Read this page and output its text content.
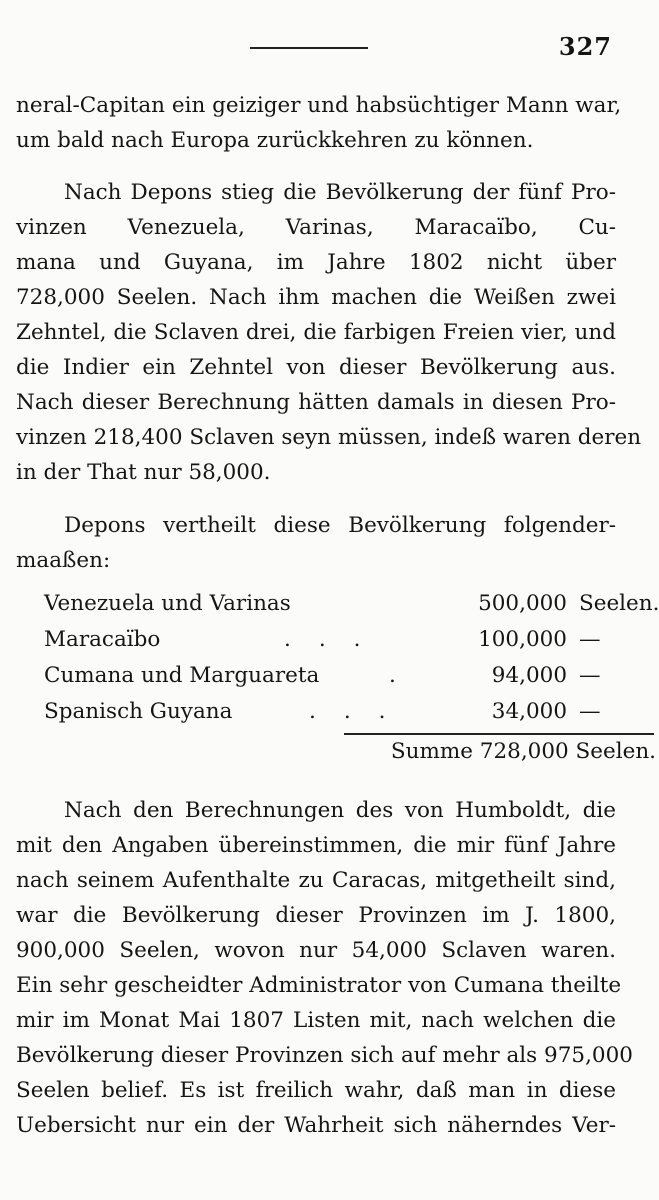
327
neral-Capitan ein geiziger und habsüchtiger Mann war,
um bald nach Europa zurückkehren zu können.
Nach Depons stieg die Bevölkerung der fünf Pro-
vinzen Venezuela, Varinas, Maracaïbo, Cu-
mana und Guyana, im Jahre 1802 nicht über
728,000 Seelen. Nach ihm machen die Weißen zwei
Zehntel, die Sclaven drei, die farbigen Freien vier, und
die Indier ein Zehntel von dieser Bevölkerung aus.
Nach dieser Berechnung hätten damals in diesen Pro-
vinzen 218,400 Sclaven seyn müssen, indeß waren deren
in der That nur 58,000.
Depons vertheilt diese Bevölkerung folgender-
maaßen:
Venezuela und Varinas	500,000 Seelen.
Maracaïbo	...	100,000 —
Cumana und Marguareta	.	94,000 —
Spanisch Guyana	...	34,000 —
Summe 728,000 Seelen.
Nach den Berechnungen des von Humboldt, die
mit den Angaben übereinstimmen, die mir fünf Jahre
nach seinem Aufenthalte zu Caracas, mitgetheilt sind,
war die Bevölkerung dieser Provinzen im J. 1800,
900,000 Seelen, wovon nur 54,000 Sclaven waren.
Ein sehr gescheidter Administrator von Cumana theilte
mir im Monat Mai 1807 Listen mit, nach welchen die
Bevölkerung dieser Provinzen sich auf mehr als 975,000
Seelen belief. Es ist freilich wahr, daß man in diese
Uebersicht nur ein der Wahrheit sich näherndes Ver-
